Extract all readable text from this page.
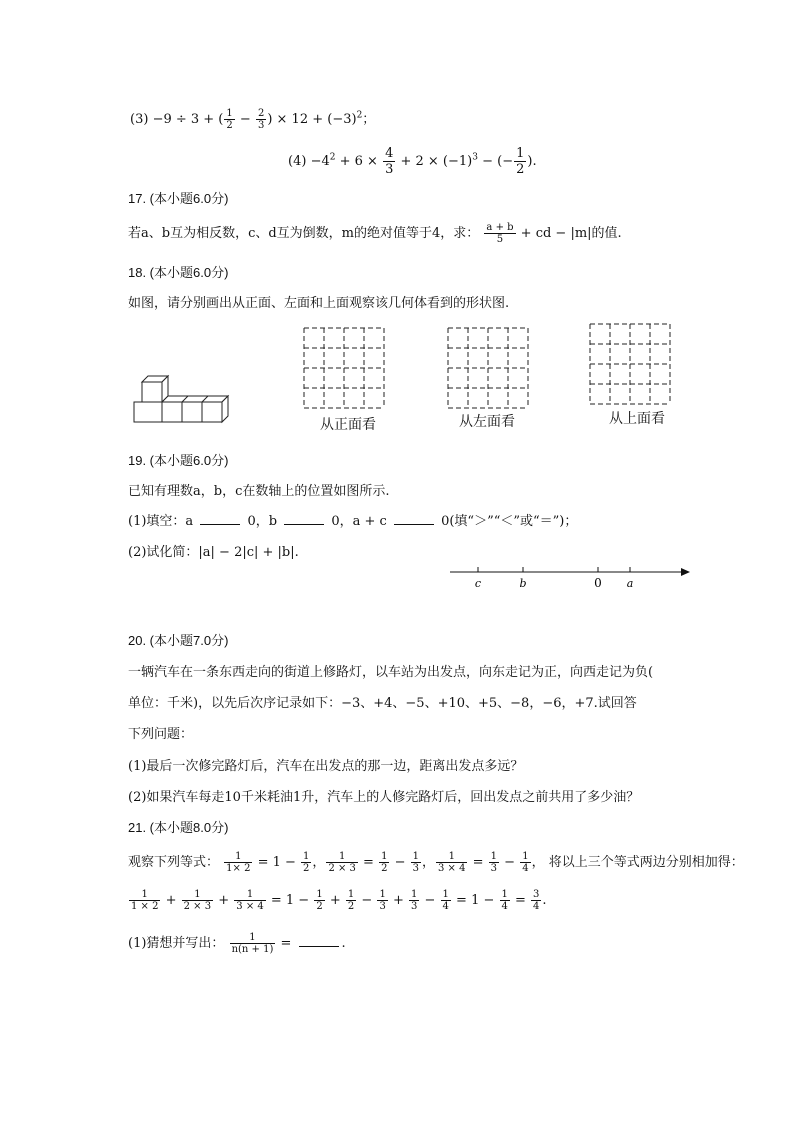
(3) −9 ÷ 3 + ( $\frac{1}{2} - \frac{2}{3}$ ) × $12 + (-3)^2$；
$(4) -4^2 + 6 \times \frac{4}{3} + 2 \times (-1)^3$ − (− $\frac{1}{2}$ ).
17. (本小题6.0分)
若a、b互为相反数，c、d互为倒数，m的绝对值等于4，求： $\frac{a + b}{5}$ + cd − |m|的值.
18. (本小题6.0分)
如图，请分别画出从正面、左面和上面观察该几何体看到的形状图.
从正面看	从左面看	从上面看
19. (本小题6.0分)
已知有理数a，b，c在数轴上的位置如图所示.
(1)填空：a	0，b	0，a + c	0(填“＞”“＜”或“＝”)；
(2)试化简：|a| − 2|c| + |b|.
c	b	0 a
20. (本小题7.0分)
一辆汽车在一条东西走向的街道上修路灯，以车站为出发点，向东走记为正，向西走记为负(
单位：千米)，以先后次序记录如下：−3、+4、−5、+10、+5、−8，−6，+7.试回答
下列问题：
(1)最后一次修完路灯后，汽车在出发点的那一边，距离出发点多远？
(2)如果汽车每走10千米耗油1升，汽车上的人修完路灯后，回出发点之前共用了多少油？
21. (本小题8.0分)
观察下列等式： $\frac{1}{1\times 2} = 1 - \frac{1}{2}$ ， $\frac{1}{2 \times 3} = \frac{1}{2} - \frac{1}{3}$ ， $\frac{1}{3 \times 4} = \frac{1}{3} - \frac{1}{4}$ ， 将以上三个等式两边分别相加得：
$\frac{1}{1 \times 2} + \frac{1}{2 \times 3} + \frac{1}{3 \times 4} = 1 - \frac{1}{2} + \frac{1}{2} - \frac{1}{3} + \frac{1}{3} - \frac{1}{4} = 1 - \frac{1}{4} = \frac{3}{4}$ .
(1)猜想并写出： $\frac{1}{n(n + 1)}$ =	.
